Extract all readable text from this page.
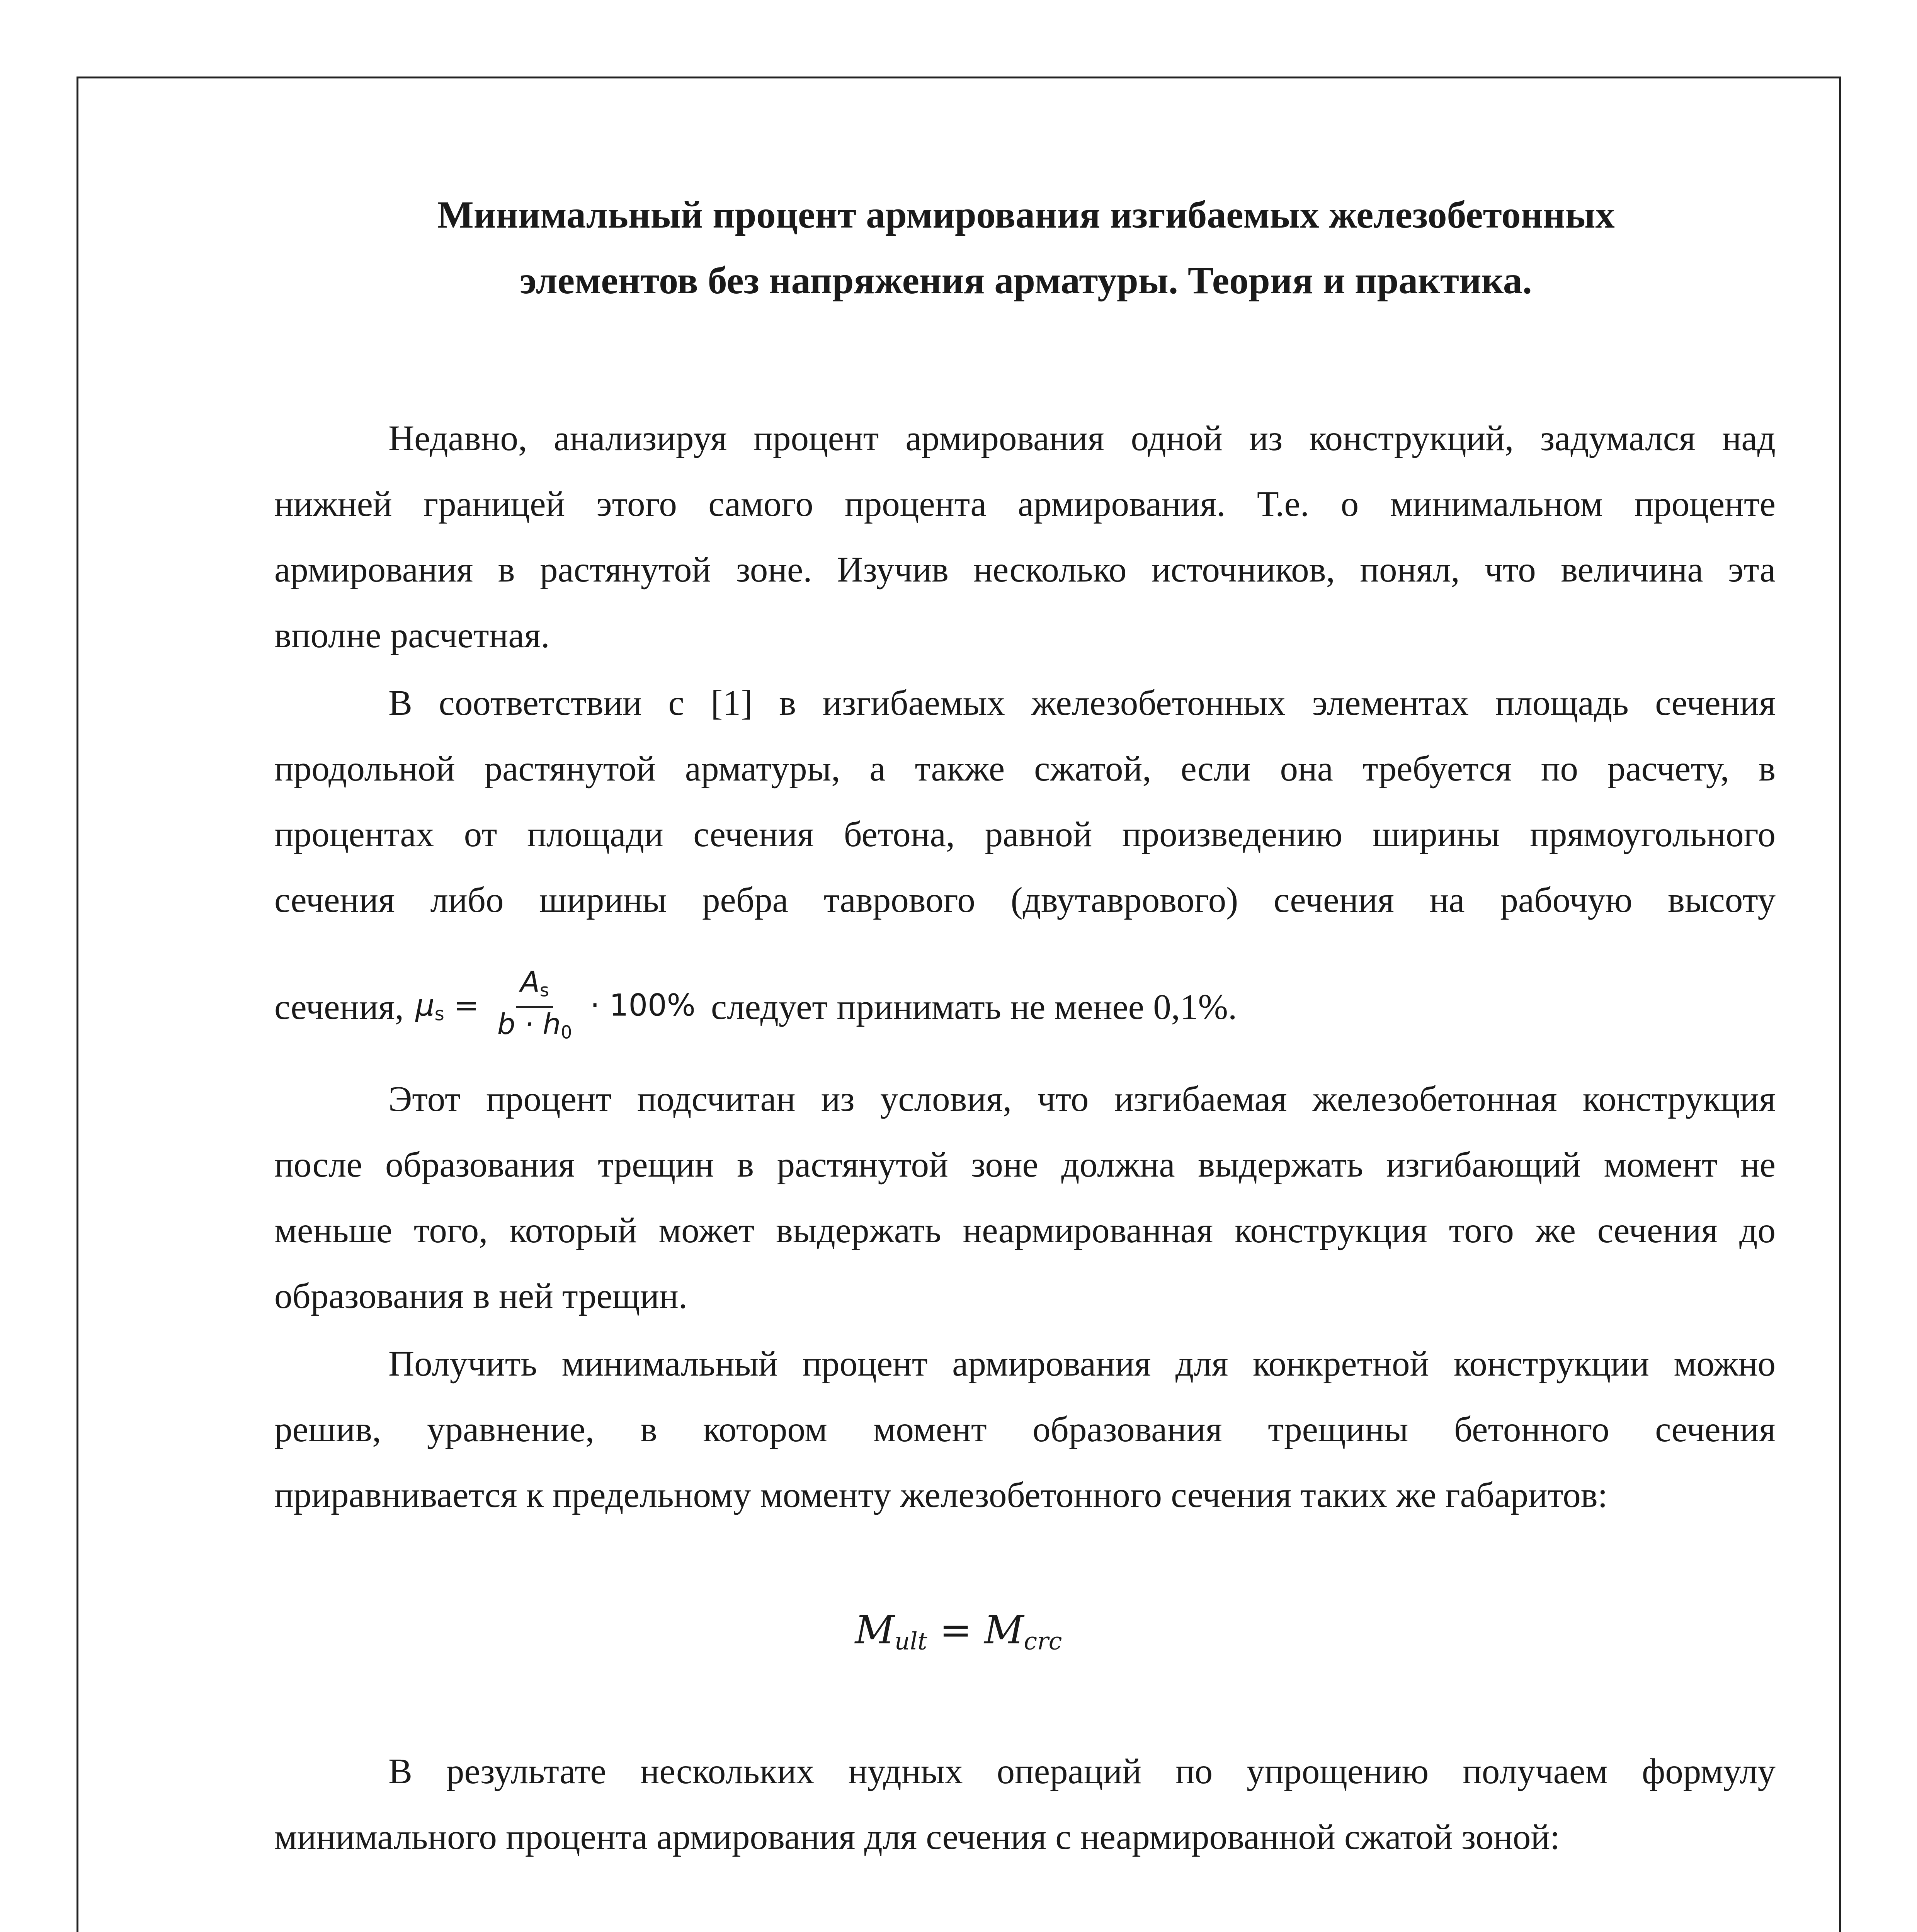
Минимальный процент армирования изгибаемых железобетонных
элементов без напряжения арматуры. Теория и практика.
Недавно, анализируя процент армирования одной из конструкций, задумался над
нижней границей этого самого процента армирования. Т.е. о минимальном проценте
армирования в растянутой зоне. Изучив несколько источников, понял, что величина эта
вполне расчетная.
В соответствии с [1] в изгибаемых железобетонных элементах площадь сечения
продольной растянутой арматуры, а также сжатой, если она требуется по расчету, в
процентах от площади сечения бетона, равной произведению ширины прямоугольного
сечения либо ширины ребра таврового (двутаврового) сечения на рабочую высоту
сечения, $\mu_s = \frac{A_s}{b \cdot h_0} \cdot 100\%$ следует принимать не менее 0,1%.
Этот процент подсчитан из условия, что изгибаемая железобетонная конструкция
после образования трещин в растянутой зоне должна выдержать изгибающий момент не
меньше того, который может выдержать неармированная конструкция того же сечения до
образования в ней трещин.
Получить минимальный процент армирования для конкретной конструкции можно
решив, уравнение, в котором момент образования трещины бетонного сечения
приравнивается к предельному моменту железобетонного сечения таких же габаритов:
$M_{ult} = M_{crc}$
В результате нескольких нудных операций по упрощению получаем формулу
минимального процента армирования для сечения с неармированной сжатой зоной:
